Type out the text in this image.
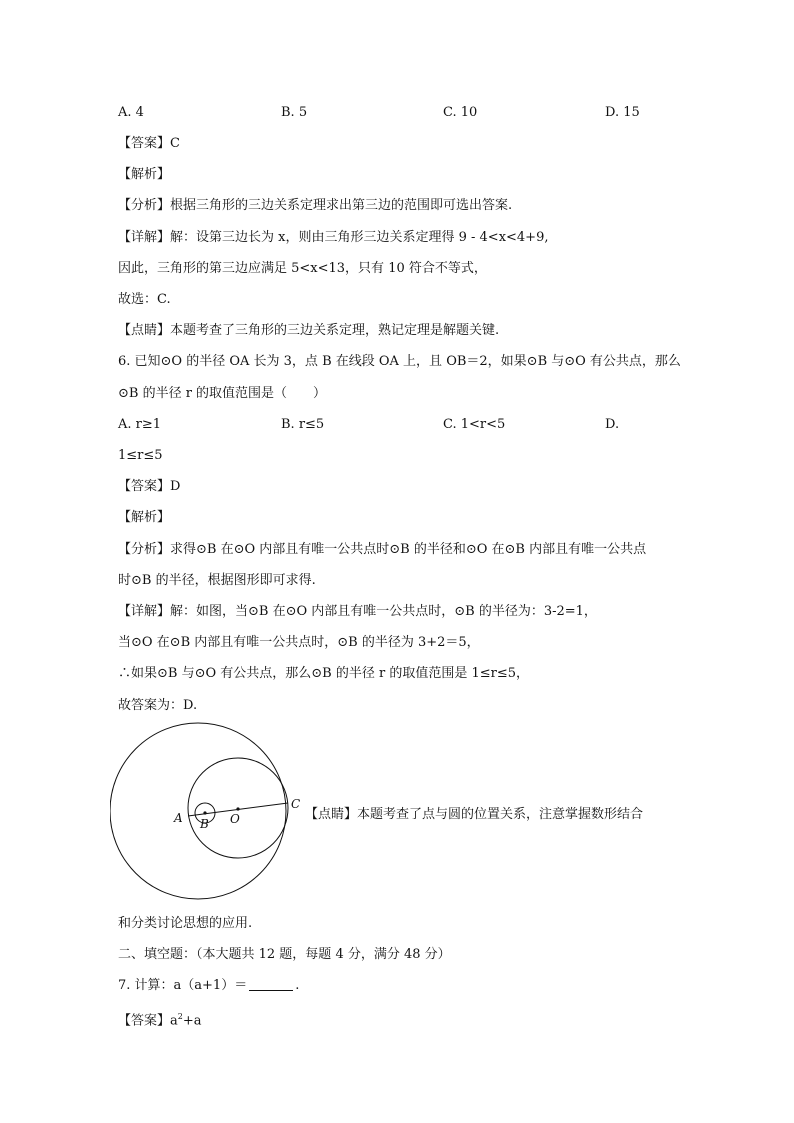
A. 4	B. 5	C. 10	D. 15
【答案】C
【解析】
【分析】根据三角形的三边关系定理求出第三边的范围即可选出答案.
【详解】解：设第三边长为 x，则由三角形三边关系定理得 9 - 4<x<4+9,
因此，三角形的第三边应满足 5<x<13，只有 10 符合不等式，
故选：C.
【点睛】本题考查了三角形的三边关系定理，熟记定理是解题关键.
6. 已知⊙O 的半径 OA 长为 3，点 B 在线段 OA 上，且 OB＝2，如果⊙B 与⊙O 有公共点，那么
⊙B 的半径 r 的取值范围是（　　）
A. r≥1	B. r≤5	C. 1<r<5	D.
1≤r≤5
【答案】D
【解析】
【分析】求得⊙B 在⊙O 内部且有唯一公共点时⊙B 的半径和⊙O 在⊙B 内部且有唯一公共点
时⊙B 的半径，根据图形即可求得.
【详解】解：如图，当⊙B 在⊙O 内部且有唯一公共点时，⊙B 的半径为：3-2=1，
当⊙O 在⊙B 内部且有唯一公共点时，⊙B 的半径为 3+2＝5，
∴如果⊙B 与⊙O 有公共点，那么⊙B 的半径 r 的取值范围是 1≤r≤5，
故答案为：D.
A B O
C
【点睛】本题考查了点与圆的位置关系，注意掌握数形结合
和分类讨论思想的应用.
二、填空题：（本大题共 12 题，每题 4 分，满分 48 分）
7. 计算：a（a+1）＝	.
【答案】$a^2+a$
